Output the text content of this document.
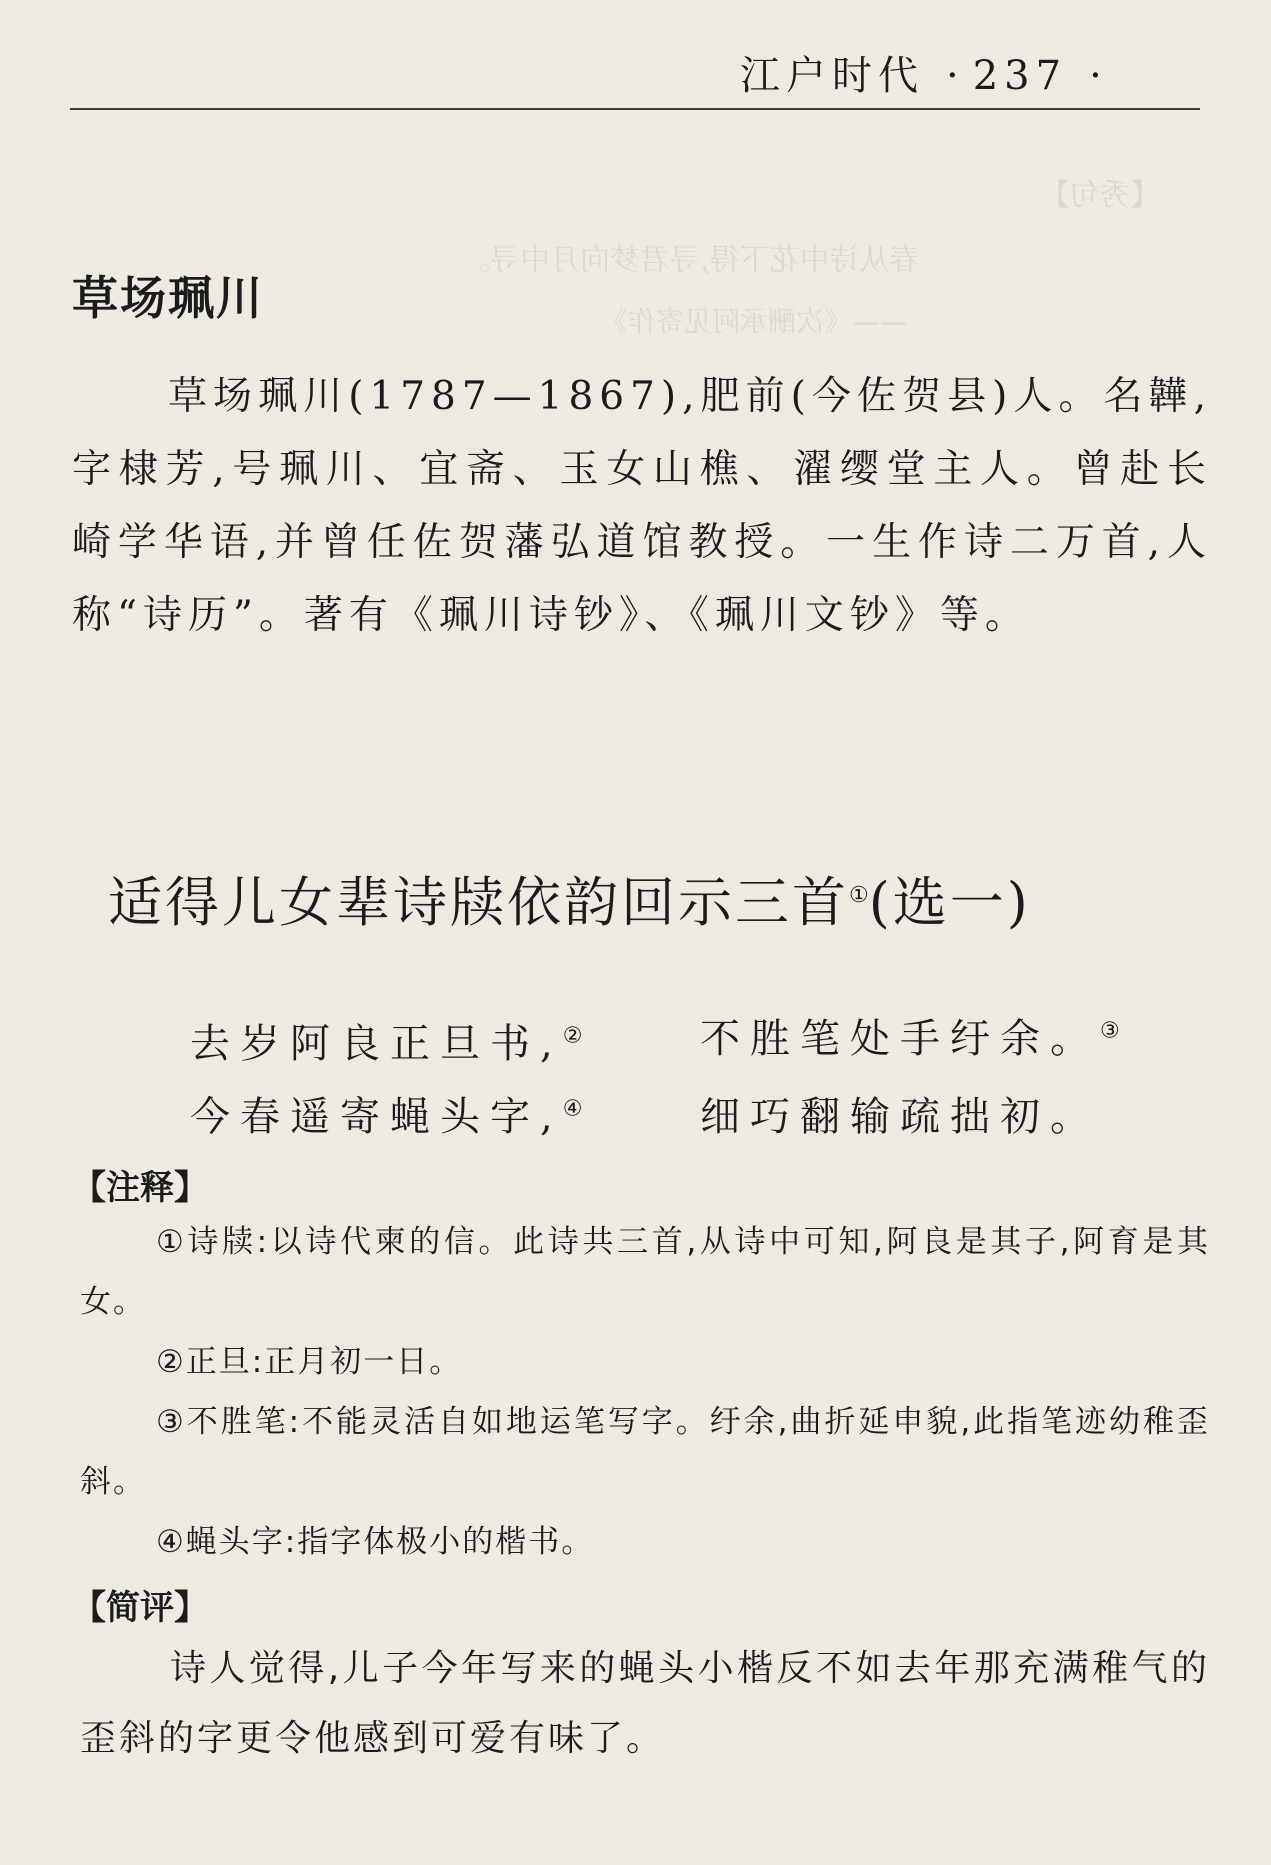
【秀句】
春从诗中花下得,寻君梦向月中寻。
——《次酬承阿见寄作》
江户时代 · 237 ·
草场珮川

草场珮川(1787—1867),肥前(今佐贺县)人。名韡,字棣芳,号珮川、宜斋、玉女山樵、濯缨堂主人。曾赴长崎学华语,并曾任佐贺藩弘道馆教授。一生作诗二万首,人称“诗历”。著有《珮川诗钞》、《珮川文钞》等。

适得儿女辈诗牍依韵回示三首①(选一)
去岁阿良正旦书,②	不胜笔处手纡余。③
今春遥寄蝇头字,④	细巧翻输疏拙初。
【注释】

①诗牍:以诗代柬的信。此诗共三首,从诗中可知,阿良是其子,阿育是其女。

②正旦:正月初一日。

③不胜笔:不能灵活自如地运笔写字。纡余,曲折延申貌,此指笔迹幼稚歪斜。

④蝇头字:指字体极小的楷书。

【简评】

诗人觉得,儿子今年写来的蝇头小楷反不如去年那充满稚气的歪斜的字更令他感到可爱有味了。
